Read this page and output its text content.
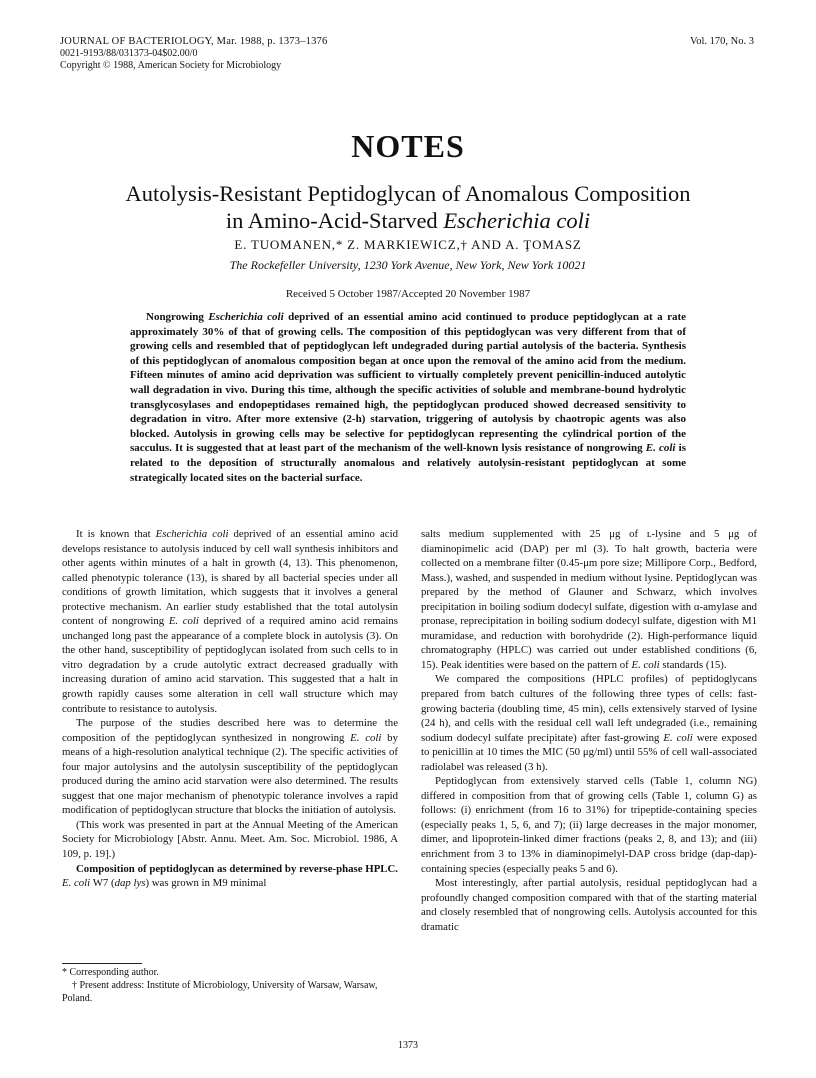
JOURNAL OF BACTERIOLOGY, Mar. 1988, p. 1373–1376
0021-9193/88/031373-04$02.00/0
Copyright © 1988, American Society for Microbiology
Vol. 170, No. 3
NOTES
Autolysis-Resistant Peptidoglycan of Anomalous Composition
in Amino-Acid-Starved Escherichia coli
E. TUOMANEN,* Z. MARKIEWICZ,† AND A. ŢOMASZ
The Rockefeller University, 1230 York Avenue, New York, New York 10021
Received 5 October 1987/Accepted 20 November 1987

Nongrowing Escherichia coli deprived of an essential amino acid continued to produce peptidoglycan at a rate approximately 30% of that of growing cells. The composition of this peptidoglycan was very different from that of growing cells and resembled that of peptidoglycan left undegraded during partial autolysis of the bacteria. Synthesis of this peptidoglycan of anomalous composition began at once upon the removal of the amino acid from the medium. Fifteen minutes of amino acid deprivation was sufficient to virtually completely prevent penicillin-induced autolytic wall degradation in vivo. During this time, although the specific activities of soluble and membrane-bound hydrolytic transglycosylases and endopeptidases remained high, the peptidoglycan produced showed decreased sensitivity to degradation in vitro. After more extensive (2-h) starvation, triggering of autolysis by chaotropic agents was also blocked. Autolysis in growing cells may be selective for peptidoglycan representing the cylindrical portion of the sacculus. It is suggested that at least part of the mechanism of the well-known lysis resistance of nongrowing E. coli is related to the deposition of structurally anomalous and relatively autolysin-resistant peptidoglycan at some strategically located sites on the bacterial surface.

It is known that Escherichia coli deprived of an essential amino acid develops resistance to autolysis induced by cell wall synthesis inhibitors and other agents within minutes of a halt in growth (4, 13). This phenomenon, called phenotypic tolerance (13), is shared by all bacterial species under all conditions of growth limitation, which suggests that it involves a general protective mechanism. An earlier study established that the total autolysin content of nongrowing E. coli deprived of a required amino acid remains unchanged long past the appearance of a complete block in autolysis (3). On the other hand, susceptibility of peptidoglycan isolated from such cells to in vitro degradation by a crude autolytic extract decreased gradually with increasing duration of amino acid starvation. This suggested that a halt in growth rapidly causes some alteration in cell wall structure which may contribute to resistance to autolysis.

The purpose of the studies described here was to determine the composition of the peptidoglycan synthesized in nongrowing E. coli by means of a high-resolution analytical technique (2). The specific activities of four major autolysins and the autolysin susceptibility of the peptidoglycan produced during the amino acid starvation were also determined. The results suggest that one major mechanism of phenotypic tolerance involves a rapid modification of peptidoglycan structure that blocks the initiation of autolysis.

(This work was presented in part at the Annual Meeting of the American Society for Microbiology [Abstr. Annu. Meet. Am. Soc. Microbiol. 1986, A 109, p. 19].)

Composition of peptidoglycan as determined by reverse-phase HPLC. E. coli W7 (dap lys) was grown in M9 minimal

salts medium supplemented with 25 μg of ʟ-lysine and 5 μg of diaminopimelic acid (DAP) per ml (3). To halt growth, bacteria were collected on a membrane filter (0.45-μm pore size; Millipore Corp., Bedford, Mass.), washed, and suspended in medium without lysine. Peptidoglycan was prepared by the method of Glauner and Schwarz, which involves precipitation in boiling sodium dodecyl sulfate, digestion with α-amylase and pronase, reprecipitation in boiling sodium dodecyl sulfate, digestion with M1 muramidase, and reduction with borohydride (2). High-performance liquid chromatography (HPLC) was carried out under established conditions (6, 15). Peak identities were based on the pattern of E. coli standards (15).

We compared the compositions (HPLC profiles) of peptidoglycans prepared from batch cultures of the following three types of cells: fast-growing bacteria (doubling time, 45 min), cells extensively starved of lysine (24 h), and cells with the residual cell wall left undegraded (i.e., remaining sodium dodecyl sulfate precipitate) after fast-growing E. coli were exposed to penicillin at 10 times the MIC (50 μg/ml) until 55% of cell wall-associated radiolabel was released (3 h).

Peptidoglycan from extensively starved cells (Table 1, column NG) differed in composition from that of growing cells (Table 1, column G) as follows: (i) enrichment (from 16 to 31%) for tripeptide-containing species (especially peaks 1, 5, 6, and 7); (ii) large decreases in the major monomer, dimer, and lipoprotein-linked dimer fractions (peaks 2, 8, and 13); and (iii) enrichment from 3 to 13% in diaminopimelyl-DAP cross bridge (dap-dap)-containing species (especially peaks 5 and 6).

Most interestingly, after partial autolysis, residual peptidoglycan had a profoundly changed composition compared with that of the starting material and closely resembled that of nongrowing cells. Autolysis accounted for this dramatic

* Corresponding author.
† Present address: Institute of Microbiology, University of Warsaw, Warsaw, Poland.
1373
